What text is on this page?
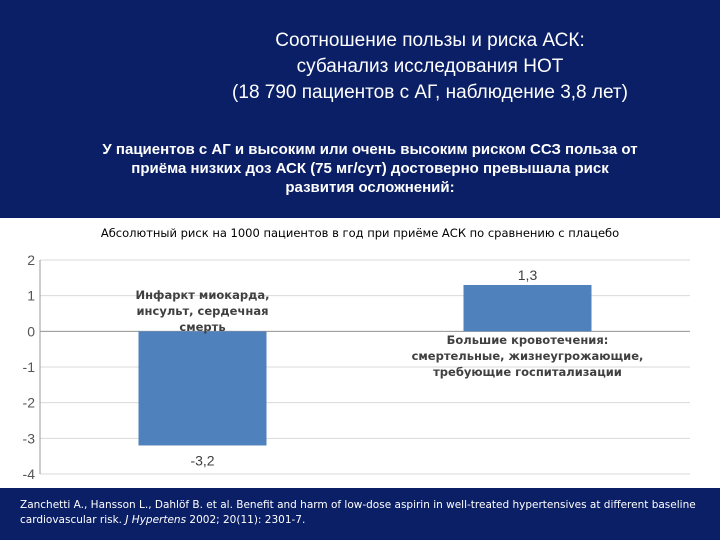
Соотношение пользы и риска АСК:
субанализ исследования НОТ
(18 790 пациентов с АГ, наблюдение 3,8 лет)
У пациентов с АГ и высоким или очень высоким риском ССЗ польза от
приёма низких доз АСК (75 мг/сут) достоверно превышала риск
развития осложнений:
Абсолютный риск на 1000 пациентов в год при приёме АСК по сравнению с плацебо
2
1
0
-1
-2
-3
-4
-3,2
Инфаркт миокарда, инсульт, сердечная смерть
1,3
Большие кровотечения: смертельные, жизнеугрожающие, требующие госпитализации
Zanchetti A., Hansson L., Dahlöf B. et al. Benefit and harm of low-dose aspirin in well-treated hypertensives at different baseline cardiovascular risk. J Hypertens 2002; 20(11): 2301-7.
